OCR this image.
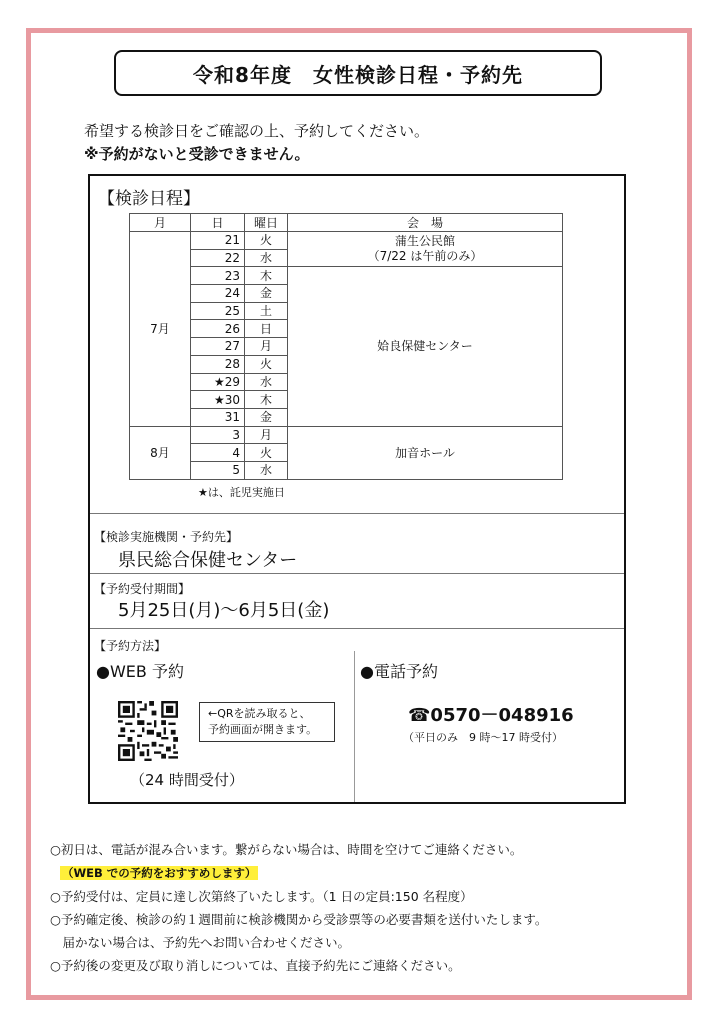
令和8年度　女性検診日程・予約先
希望する検診日をご確認の上、予約してください。
※予約がないと受診できません。
【検診日程】
月	日	曜日	会　場
7月	21	火	蒲生公民館
（7/22 は午前のみ）

	22	水	
	23	木	姶良保健センター
	24	金	
	25	土	
	26	日	
	27	月	
	28	火	
	★29	水	
	★30	木	
	31	金	
8月	3	月	加音ホール
	4	火	
	5	水	
★は、託児実施日
【検診実施機関・予約先】
県民総合保健センター
【予約受付期間】
5月25日(月)～6月5日(金)
【予約方法】
●WEB 予約
←QRを読み取ると、
予約画面が開きます。
（24 時間受付）
●電話予約
☎0570－048916
（平日のみ　9 時～17 時受付）
○初日は、電話が混み合います。繋がらない場合は、時間を空けてご連絡ください。
（WEB での予約をおすすめします）
○予約受付は、定員に達し次第終了いたします。（1 日の定員:150 名程度）
○予約確定後、検診の約１週間前に検診機関から受診票等の必要書類を送付いたします。
　届かない場合は、予約先へお問い合わせください。
○予約後の変更及び取り消しについては、直接予約先にご連絡ください。
